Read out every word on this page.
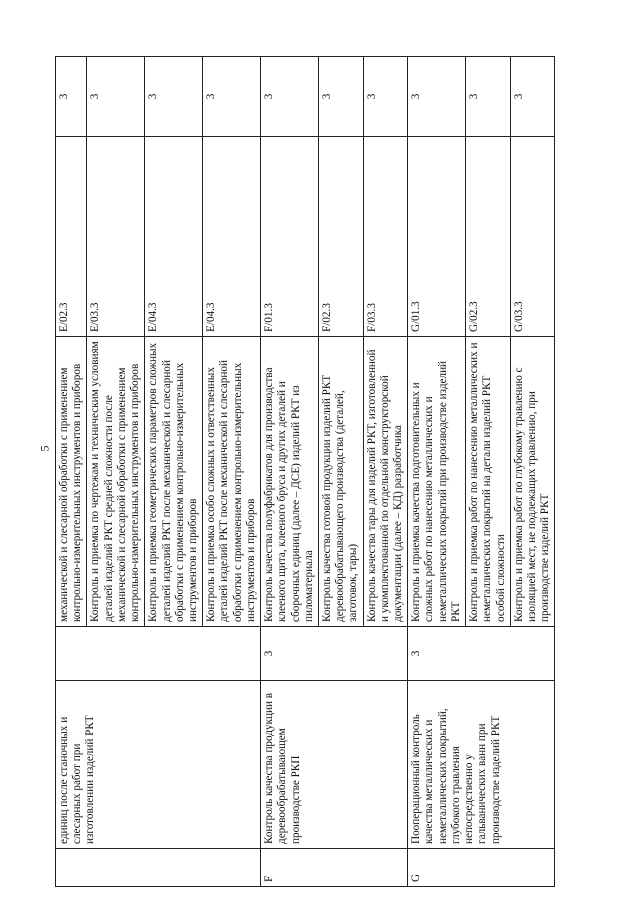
5
	единиц после станочных и слесарных работ при изготовлении изделий РКТ		механической и слесарной обработки с применением контрольно-измерительных инструментов и приборов	E/02.3	3
			Контроль и приемка по чертежам и техническим условиям деталей изделий РКТ средней сложности после механической и слесарной обработки с применением контрольно-измерительных инструментов и приборов	E/03.3	3
			Контроль и приемка геометрических параметров сложных деталей изделий РКТ после механической и слесарной обработки с применением контрольно-измерительных инструментов и приборов	E/04.3	3
			Контроль и приемка особо сложных и ответственных деталей изделий РКТ после механической и слесарной обработки с применением контрольно-измерительных инструментов и приборов	E/04.3	3
F	Контроль качества продукции в деревообрабатывающем производстве РКП	3	Контроль качества полуфабрикатов для производства клееного щита, клееного бруса и других деталей и сборочных единиц (далее – ДСЕ) изделий РКТ из пиломатериала	F/01.3	3
			Контроль качества готовой продукции изделий РКТ деревообрабатывающего производства (деталей, заготовок, тары)	F/02.3	3
			Контроль качества тары для изделий РКТ, изготовленной и укомплектованной по отдельной конструкторской документации (далее – КД) разработчика	F/03.3	3
G	Пооперационный контроль качества металлических и неметаллических покрытий, глубокого травления непосредственно у гальванических ванн при производстве изделий РКТ	3	Контроль и приемка качества подготовительных и сложных работ по нанесению металлических и неметаллических покрытий при производстве изделий РКТ	G/01.3	3
			Контроль и приемка работ по нанесению металлических и неметаллических покрытий на детали изделий РКТ особой сложности	G/02.3	3
			Контроль и приемка работ по глубокому травлению с изоляцией мест, не подлежащих травлению, при производстве изделий РКТ	G/03.3	3
